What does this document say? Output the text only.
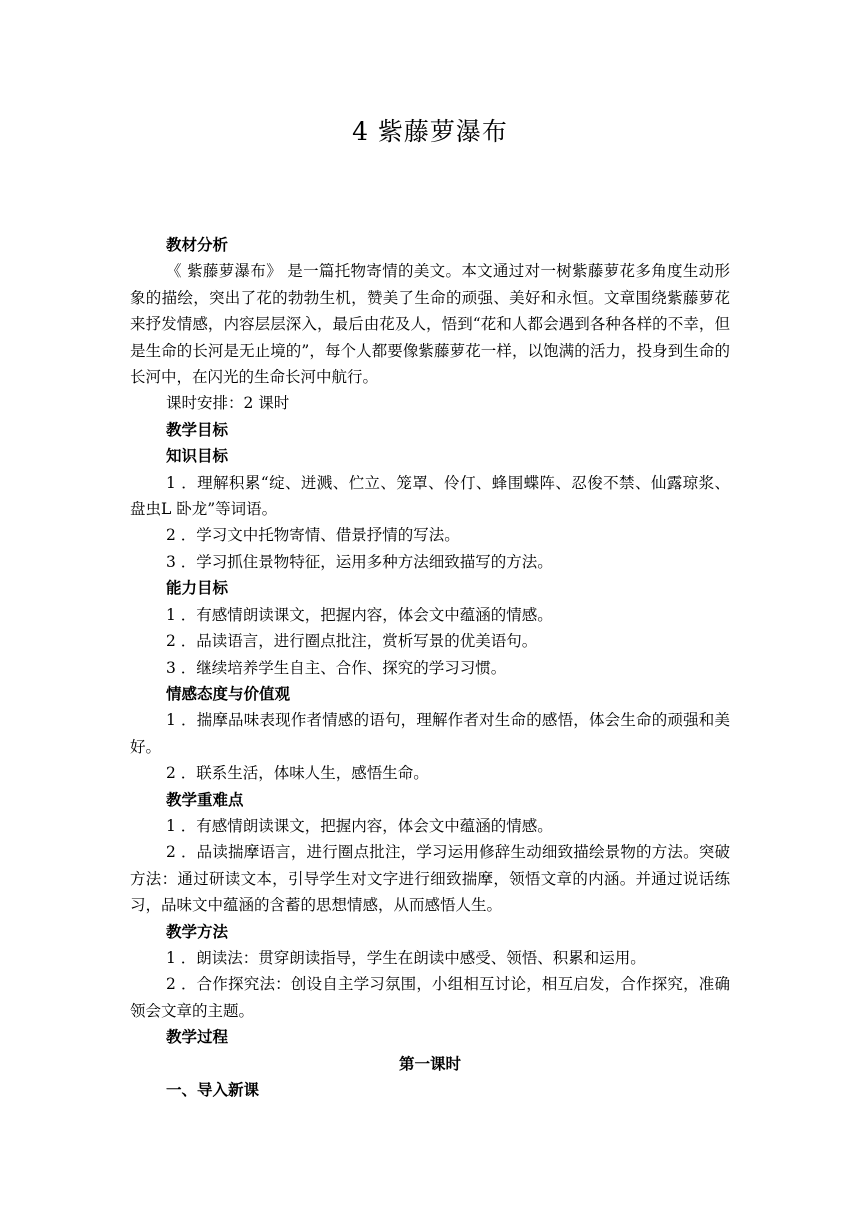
4 紫藤萝瀑布

教材分析

《 紫藤萝瀑布》 是一篇托物寄情的美文。本文通过对一树紫藤萝花多角度生动形象的描绘，突出了花的勃勃生机，赞美了生命的顽强、美好和永恒。文章围绕紫藤萝花来抒发情感，内容层层深入，最后由花及人，悟到“花和人都会遇到各种各样的不幸，但是生命的长河是无止境的”，每个人都要像紫藤萝花一样，以饱满的活力，投身到生命的长河中，在闪光的生命长河中航行。

课时安排：2 课时

教学目标

知识目标

1 ．理解积累“绽、迸溅、伫立、笼罩、伶仃、蜂围蝶阵、忍俊不禁、仙露琼浆、盘虫L 卧龙”等词语。

2 ．学习文中托物寄情、借景抒情的写法。

3 ．学习抓住景物特征，运用多种方法细致描写的方法。

能力目标

1 ．有感情朗读课文，把握内容，体会文中蕴涵的情感。

2 ．品读语言，进行圈点批注，赏析写景的优美语句。

3 ．继续培养学生自主、合作、探究的学习习惯。

情感态度与价值观

1 ．揣摩品味表现作者情感的语句，理解作者对生命的感悟，体会生命的顽强和美好。

2 ．联系生活，体味人生，感悟生命。

教学重难点

1 ．有感情朗读课文，把握内容，体会文中蕴涵的情感。

2 ．品读揣摩语言，进行圈点批注，学习运用修辞生动细致描绘景物的方法。突破方法：通过研读文本，引导学生对文字进行细致揣摩，领悟文章的内涵。并通过说话练习，品味文中蕴涵的含蓄的思想情感，从而感悟人生。

教学方法

1 ．朗读法：贯穿朗读指导，学生在朗读中感受、领悟、积累和运用。

2 ．合作探究法：创设自主学习氛围，小组相互讨论，相互启发，合作探究，准确领会文章的主题。

教学过程

第一课时

一、导入新课
